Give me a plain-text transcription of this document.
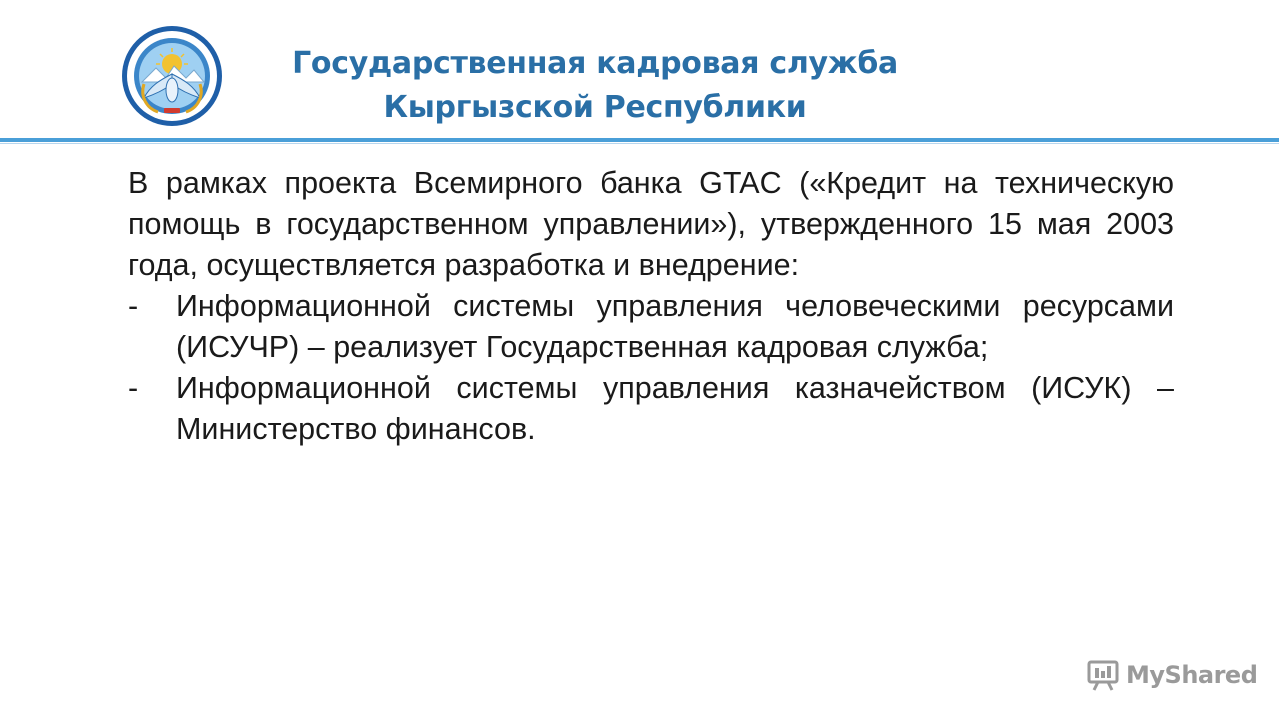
Государственная кадровая служба
Кыргызской Республики

В рамках проекта Всемирного банка GTAC («Кредит на техническую помощь в государственном управлении»), утвержденного 15 мая 2003 года, осуществляется разработка и внедрение:

- Информационной системы управления человеческими ресурсами (ИСУЧР) – реализует Государственная кадровая служба;
- Информационной системы управления казначейством (ИСУК) – Министерство финансов.
MyShared
